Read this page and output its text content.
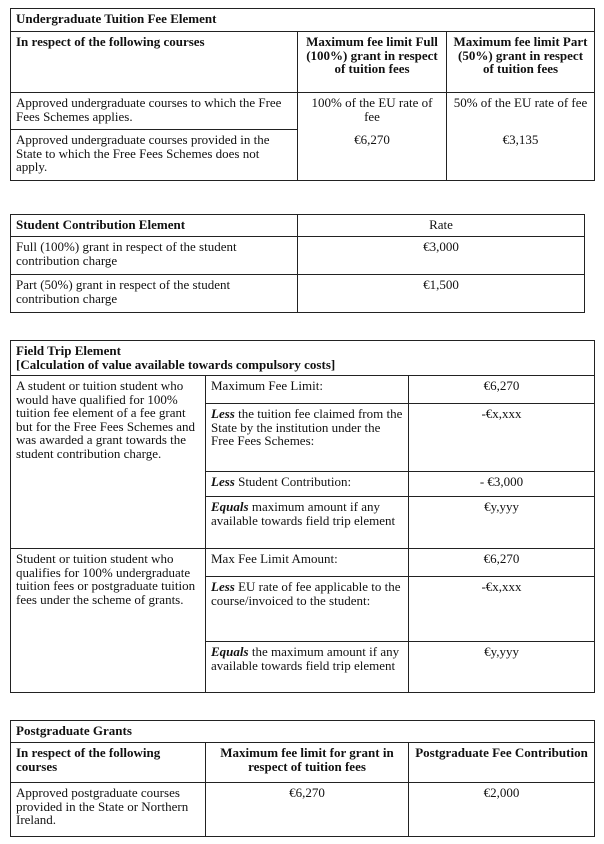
Undergraduate Tuition Fee Element		
In respect of the following courses	Maximum fee limit Full (100%) grant in respect of tuition fees	Maximum fee limit Part (50%) grant in respect of tuition fees
Approved undergraduate courses to which the Free Fees Schemes applies.	100% of the EU rate of fee	50% of the EU rate of fee
Approved undergraduate courses provided in the State to which the Free Fees Schemes does not apply.	€6,270	€3,135
Student Contribution Element	Rate
Full (100%) grant in respect of the student contribution charge	€3,000
Part (50%) grant in respect of the student contribution charge	€1,500
Field Trip Element
[Calculation of value available towards compulsory costs]		

A student or tuition student who would have qualified for 100% tuition fee element of a fee grant but for the Free Fees Schemes and was awarded a grant towards the student contribution charge.	Maximum Fee Limit:	€6,270
	Less the tuition fee claimed from the State by the institution under the Free Fees Schemes:	-€x,xxx
	Less Student Contribution:	- €3,000
	Equals maximum amount if any available towards field trip element	€y,yyy
Student or tuition student who qualifies for 100% undergraduate tuition fees or postgraduate tuition fees under the scheme of grants.	Max Fee Limit Amount:	€6,270
	Less EU rate of fee applicable to the course/invoiced to the student:	-€x,xxx
	Equals the maximum amount if any available towards field trip element	€y,yyy
Postgraduate Grants		
In respect of the following courses	Maximum fee limit for grant in respect of tuition fees	Postgraduate Fee Contribution
Approved postgraduate courses provided in the State or Northern Ireland.	€6,270	€2,000
